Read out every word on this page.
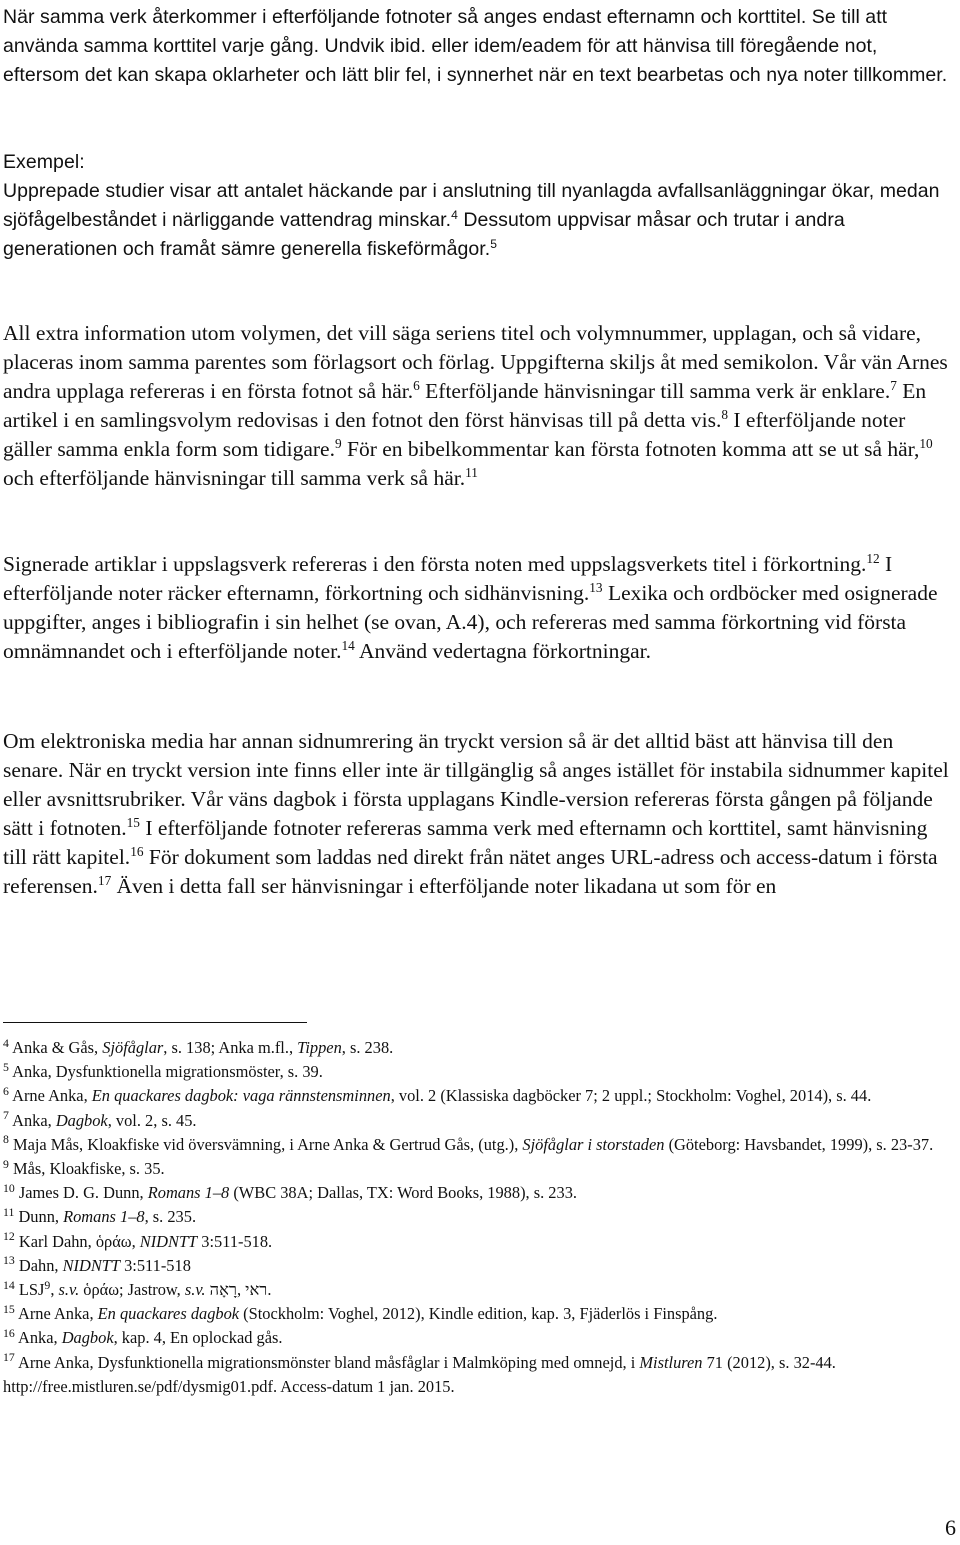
När samma verk återkommer i efterföljande fotnoter så anges endast efternamn och korttitel. Se till att använda samma korttitel varje gång. Undvik ibid. eller idem/eadem för att hänvisa till föregående not, eftersom det kan skapa oklarheter och lätt blir fel, i synnerhet när en text bearbetas och nya noter tillkommer.

Exempel:

Upprepade studier visar att antalet häckande par i anslutning till nyanlagda avfallsanläggningar ökar, medan sjöfågelbeståndet i närliggande vattendrag minskar.$^4$ Dessutom uppvisar måsar och trutar i andra generationen och framåt sämre generella fiskeförmågor.$^5$

All extra information utom volymen, det vill säga seriens titel och volymnummer, upplagan, och så vidare, placeras inom samma parentes som förlagsort och förlag. Uppgifterna skiljs åt med semikolon. Vår vän Arnes andra upplaga refereras i en första fotnot så här.$^6$ Efterföljande hänvisningar till samma verk är enklare.$^7$ En artikel i en samlingsvolym redovisas i den fotnot den först hänvisas till på detta vis.$^8$ I efterföljande noter gäller samma enkla form som tidigare.$^9$ För en bibelkommentar kan första fotnoten komma att se ut så här,$^{10}$ och efterföljande hänvisningar till samma verk så här.$^{11}$

Signerade artiklar i uppslagsverk refereras i den första noten med uppslagsverkets titel i förkortning.$^{12}$ I efterföljande noter räcker efternamn, förkortning och sidhänvisning.$^{13}$ Lexika och ordböcker med osignerade uppgifter, anges i bibliografin i sin helhet (se ovan, A.4), och refereras med samma förkortning vid första omnämnandet och i efterföljande noter.$^{14}$ Använd vedertagna förkortningar.

Om elektroniska media har annan sidnumrering än tryckt version så är det alltid bäst att hänvisa till den senare. När en tryckt version inte finns eller inte är tillgänglig så anges istället för instabila sidnummer kapitel eller avsnittsrubriker. Vår väns dagbok i första upplagans Kindle-version refereras första gången på följande sätt i fotnoten.$^{15}$ I efterföljande fotnoter refereras samma verk med efternamn och korttitel, samt hänvisning till rätt kapitel.$^{16}$ För dokument som laddas ned direkt från nätet anges URL-adress och access-datum i första referensen.$^{17}$ Även i detta fall ser hänvisningar i efterföljande noter likadana ut som för en

$^4$ Anka & Gås, Sjöfåglar, s. 138; Anka m.fl., Tippen, s. 238.

$^5$ Anka, Dysfunktionella migrationsmöster, s. 39.

$^6$ Arne Anka, En quackares dagbok: vaga rännstensminnen, vol. 2 (Klassiska dagböcker 7; 2 uppl.; Stockholm: Voghel, 2014), s. 44.

$^7$ Anka, Dagbok, vol. 2, s. 45.

$^8$ Maja Mås, Kloakfiske vid översvämning, i Arne Anka & Gertrud Gås, (utg.), Sjöfåglar i storstaden (Göteborg: Havsbandet, 1999), s. 23-37.

$^9$ Mås, Kloakfiske, s. 35.

$^{10}$ James D. G. Dunn, Romans 1–8 (WBC 38A; Dallas, TX: Word Books, 1988), s. 233.

$^{11}$ Dunn, Romans 1–8, s. 235.

$^{12}$ Karl Dahn, ὁράω, NIDNTT 3:511-518.

$^{13}$ Dahn, NIDNTT 3:511-518

$^{14}$ LSJ$^9$, s.v. ὁράω; Jastrow, s.v. ראי ,רָאָה.

$^{15}$ Arne Anka, En quackares dagbok (Stockholm: Voghel, 2012), Kindle edition, kap. 3, Fjäderlös i Finspång.

$^{16}$ Anka, Dagbok, kap. 4, En oplockad gås.

$^{17}$ Arne Anka, Dysfunktionella migrationsmönster bland måsfåglar i Malmköping med omnejd, i Mistluren 71 (2012), s. 32-44. http://free.mistluren.se/pdf/dysmig01.pdf. Access-datum 1 jan. 2015.

6
